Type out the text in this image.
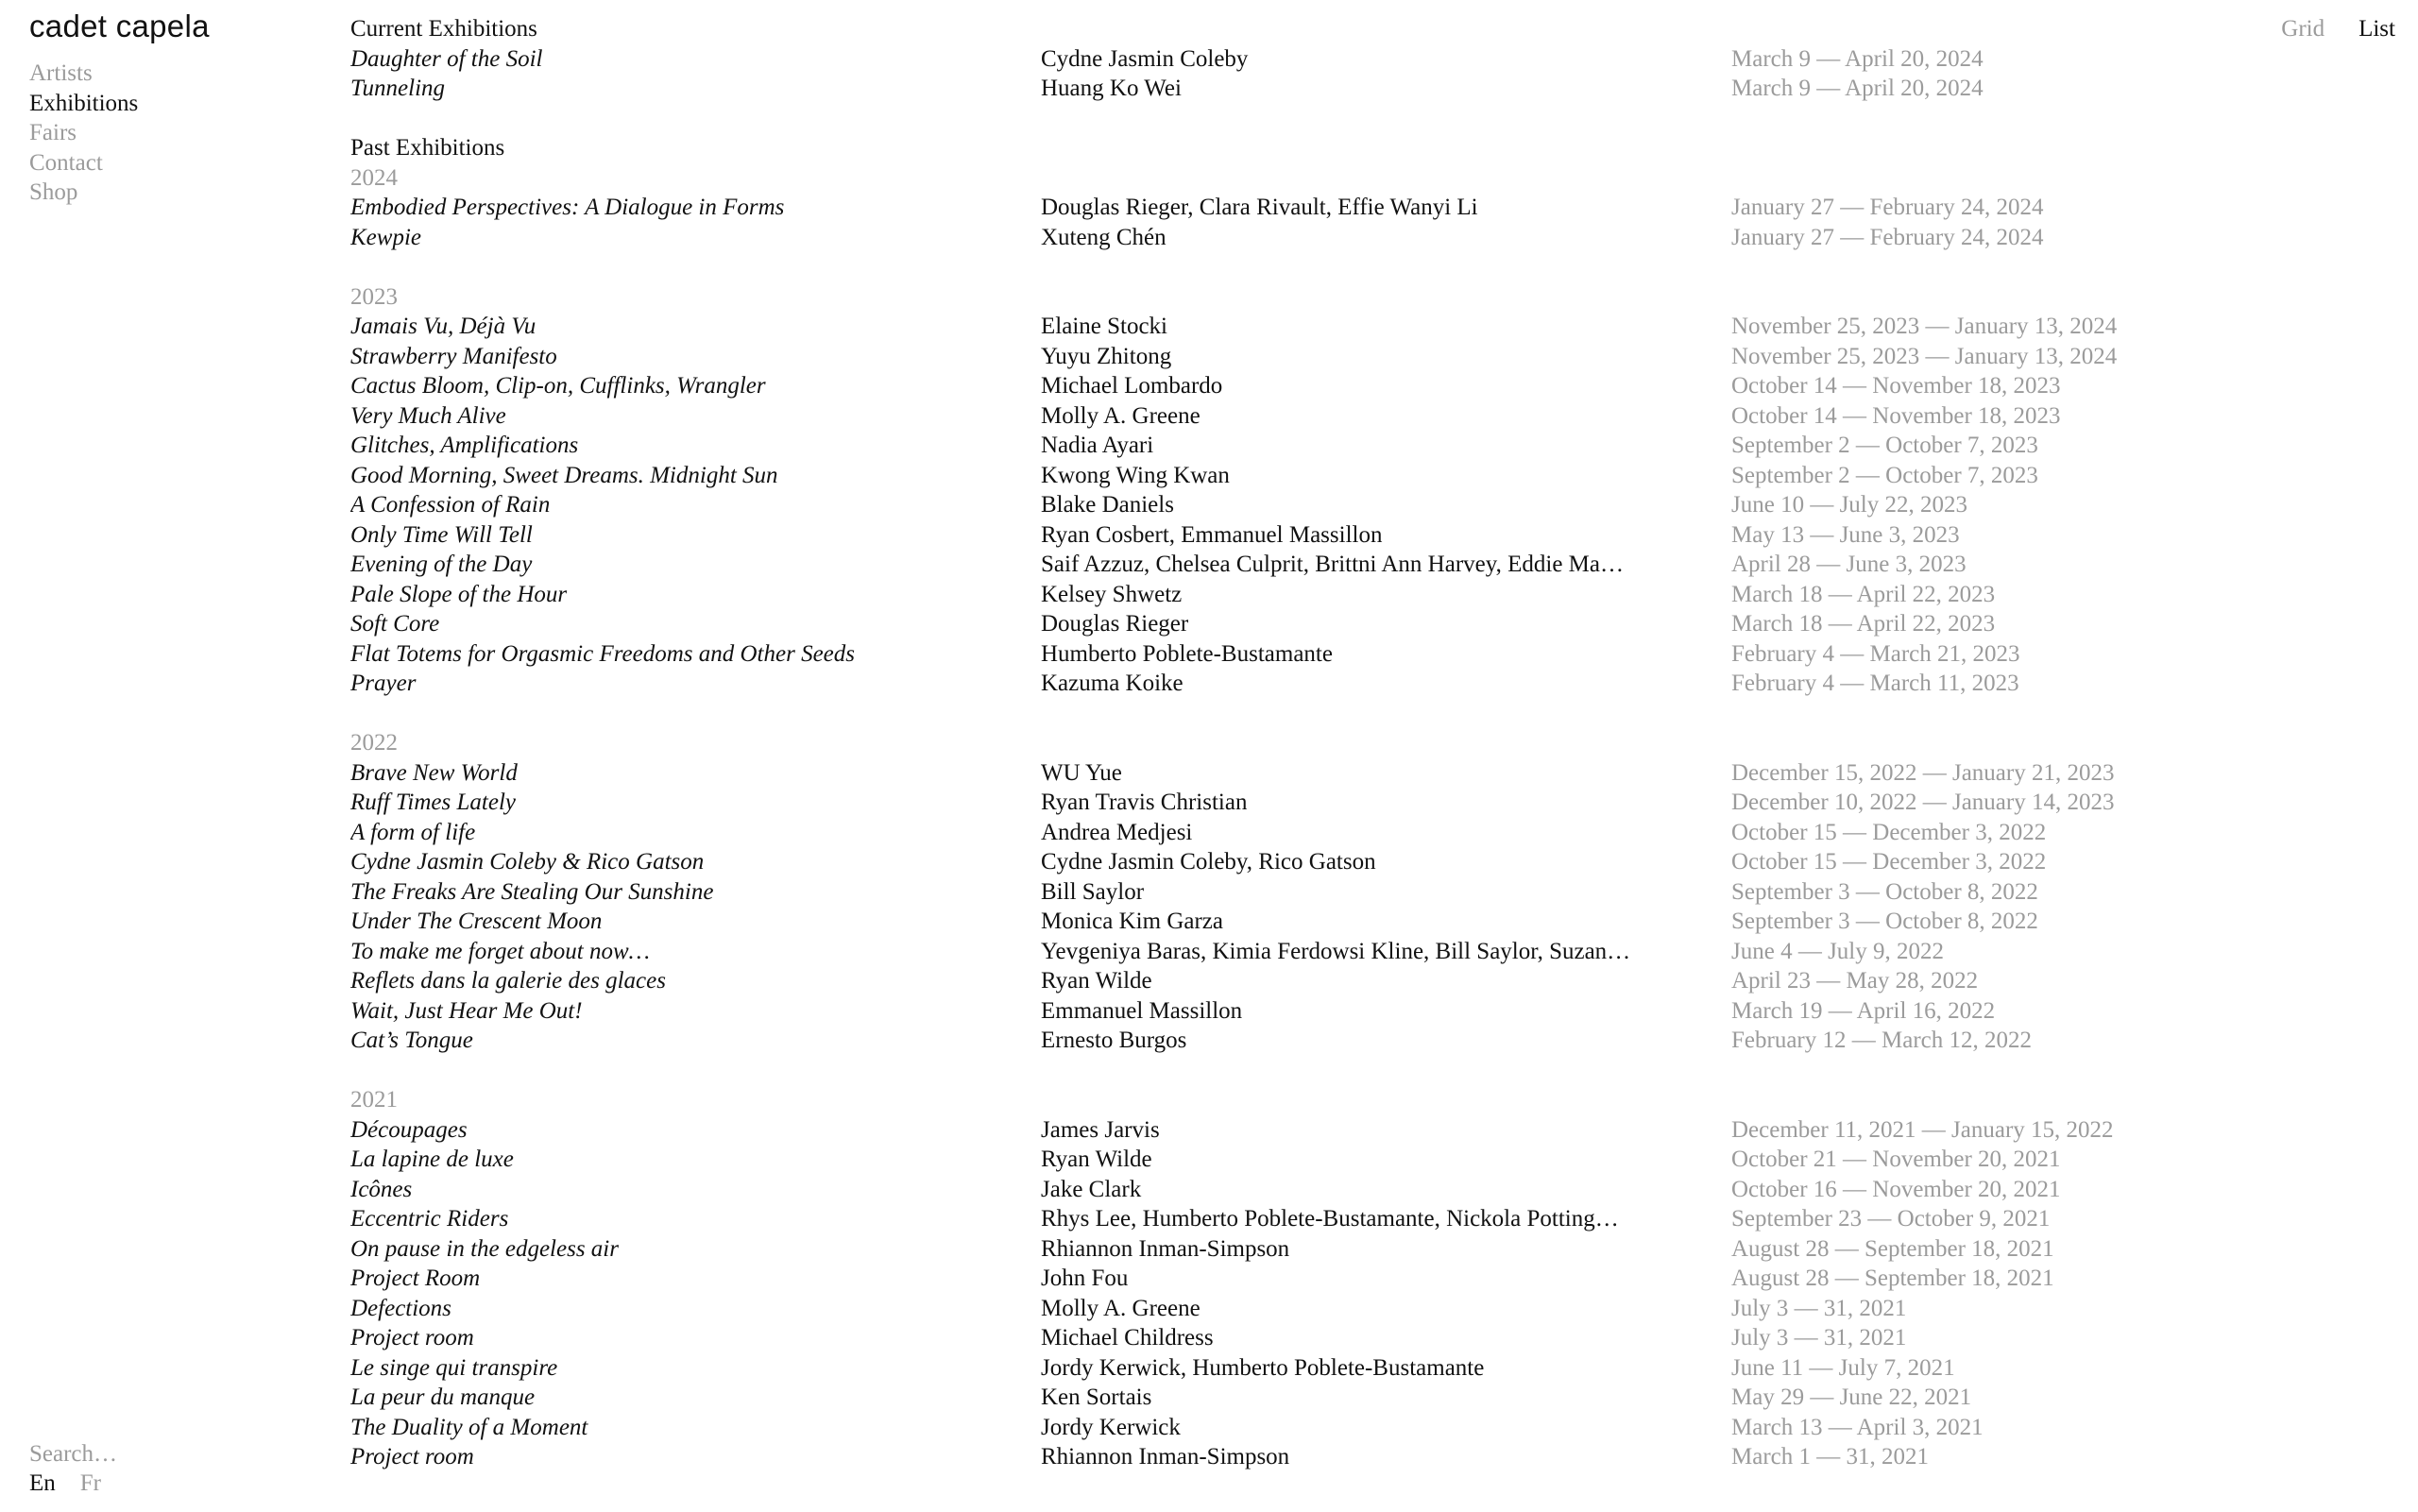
cadet capela
Artists
Exhibitions
Fairs
Contact
Shop
Grid List
Search…
En Fr
Current Exhibitions
Daughter of the Soil	Cydne Jasmin Coleby	March 9 — April 20, 2024
Tunneling	Huang Ko Wei	March 9 — April 20, 2024
Past Exhibitions
2024
Embodied Perspectives: A Dialogue in Forms	Douglas Rieger, Clara Rivault, Effie Wanyi Li	January 27 — February 24, 2024
Kewpie	Xuteng Chén	January 27 — February 24, 2024
2023
Jamais Vu, Déjà Vu	Elaine Stocki	November 25, 2023 — January 13, 2024
Strawberry Manifesto	Yuyu Zhitong	November 25, 2023 — January 13, 2024
Cactus Bloom, Clip-on, Cufflinks, Wrangler	Michael Lombardo	October 14 — November 18, 2023
Very Much Alive	Molly A. Greene	October 14 — November 18, 2023
Glitches, Amplifications	Nadia Ayari	September 2 — October 7, 2023
Good Morning, Sweet Dreams. Midnight Sun	Kwong Wing Kwan	September 2 — October 7, 2023
A Confession of Rain	Blake Daniels	June 10 — July 22, 2023
Only Time Will Tell	Ryan Cosbert, Emmanuel Massillon	May 13 — June 3, 2023
Evening of the Day	Saif Azzuz, Chelsea Culprit, Brittni Ann Harvey, Eddie Ma…	April 28 — June 3, 2023
Pale Slope of the Hour	Kelsey Shwetz	March 18 — April 22, 2023
Soft Core	Douglas Rieger	March 18 — April 22, 2023
Flat Totems for Orgasmic Freedoms and Other Seeds	Humberto Poblete-Bustamante	February 4 — March 21, 2023
Prayer	Kazuma Koike	February 4 — March 11, 2023
2022
Brave New World	WU Yue	December 15, 2022 — January 21, 2023
Ruff Times Lately	Ryan Travis Christian	December 10, 2022 — January 14, 2023
A form of life	Andrea Medjesi	October 15 — December 3, 2022
Cydne Jasmin Coleby & Rico Gatson	Cydne Jasmin Coleby, Rico Gatson	October 15 — December 3, 2022
The Freaks Are Stealing Our Sunshine	Bill Saylor	September 3 — October 8, 2022
Under The Crescent Moon	Monica Kim Garza	September 3 — October 8, 2022
To make me forget about now…	Yevgeniya Baras, Kimia Ferdowsi Kline, Bill Saylor, Suzan…	June 4 — July 9, 2022
Reflets dans la galerie des glaces	Ryan Wilde	April 23 — May 28, 2022
Wait, Just Hear Me Out!	Emmanuel Massillon	March 19 — April 16, 2022
Cat’s Tongue	Ernesto Burgos	February 12 — March 12, 2022
2021
Découpages	James Jarvis	December 11, 2021 — January 15, 2022
La lapine de luxe	Ryan Wilde	October 21 — November 20, 2021
Icônes	Jake Clark	October 16 — November 20, 2021
Eccentric Riders	Rhys Lee, Humberto Poblete-Bustamante, Nickola Potting…	September 23 — October 9, 2021
On pause in the edgeless air	Rhiannon Inman-Simpson	August 28 — September 18, 2021
Project Room	John Fou	August 28 — September 18, 2021
Defections	Molly A. Greene	July 3 — 31, 2021
Project room	Michael Childress	July 3 — 31, 2021
Le singe qui transpire	Jordy Kerwick, Humberto Poblete-Bustamante	June 11 — July 7, 2021
La peur du manque	Ken Sortais	May 29 — June 22, 2021
The Duality of a Moment	Jordy Kerwick	March 13 — April 3, 2021
Project room	Rhiannon Inman-Simpson	March 1 — 31, 2021
